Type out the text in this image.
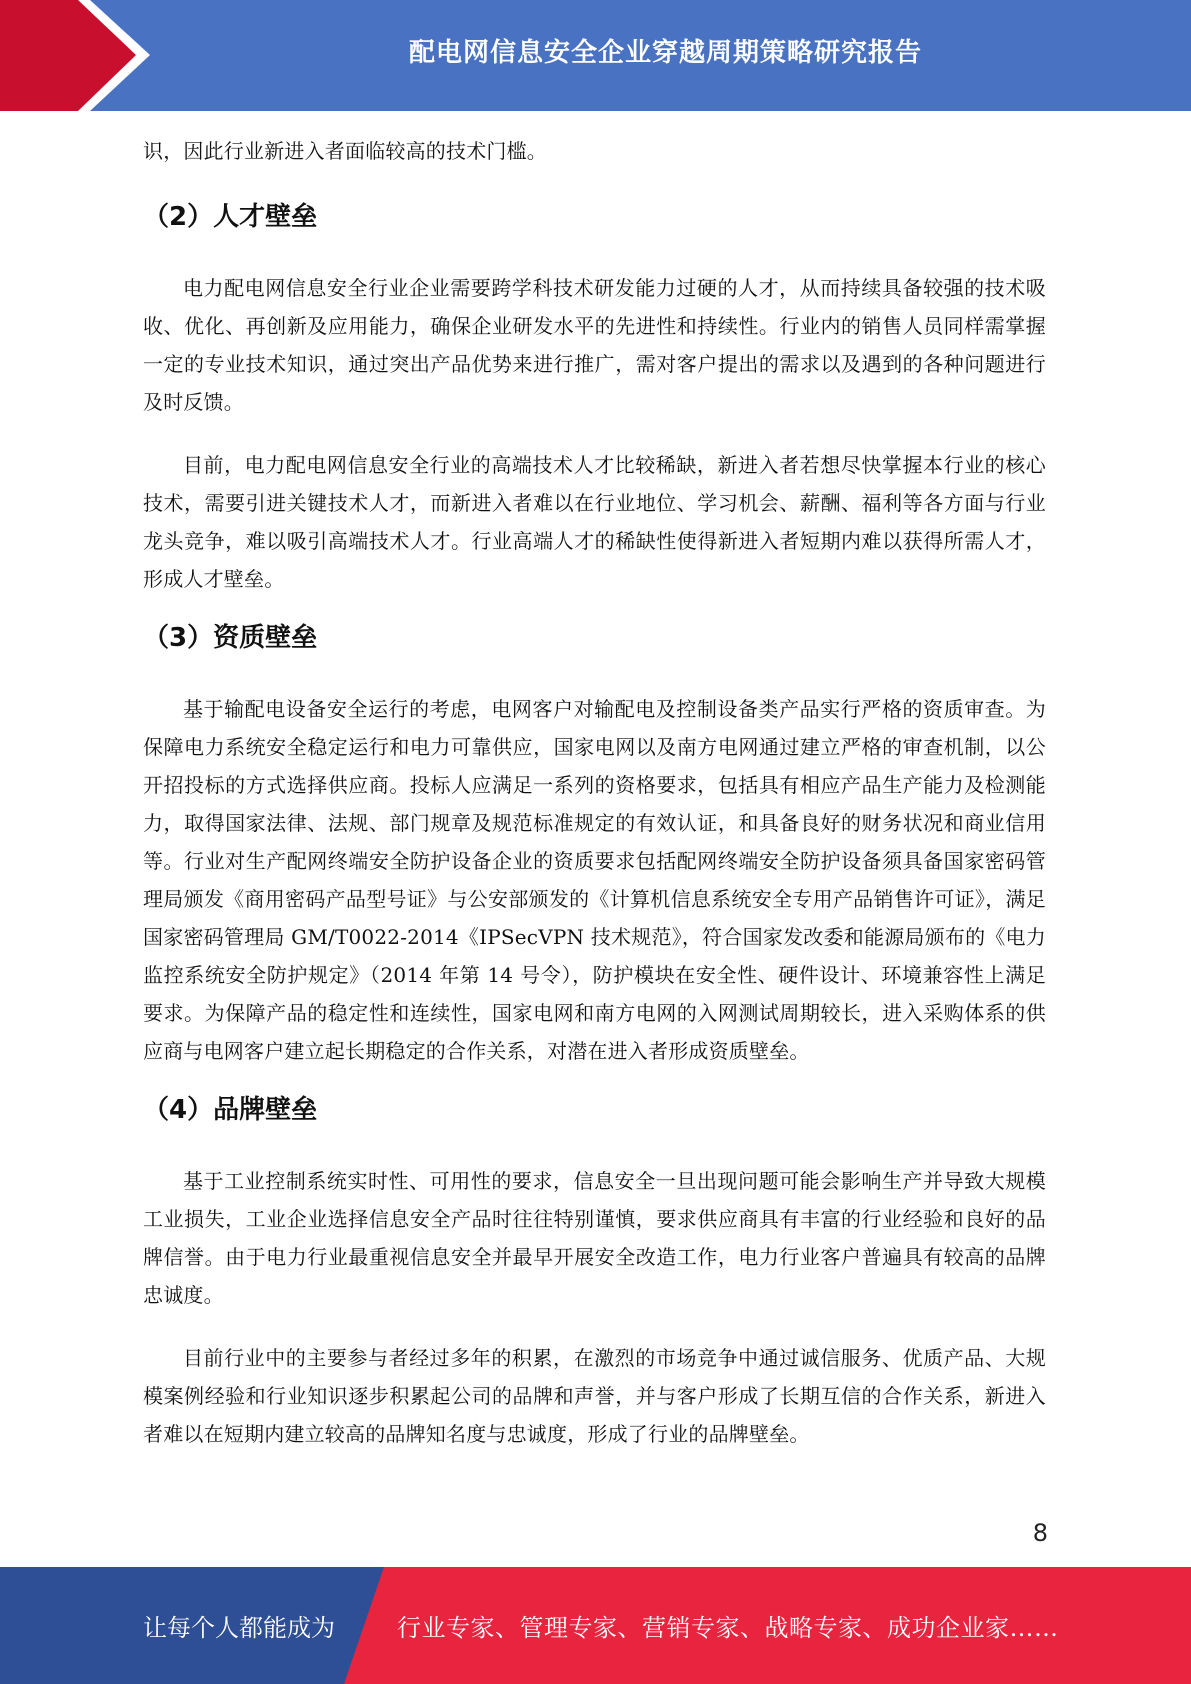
配电网信息安全企业穿越周期策略研究报告

识，因此行业新进入者面临较高的技术门槛。

（2）人才壁垒

电力配电网信息安全行业企业需要跨学科技术研发能力过硬的人才，从而持续具备较强的技术吸收、优化、再创新及应用能力，确保企业研发水平的先进性和持续性。行业内的销售人员同样需掌握一定的专业技术知识，通过突出产品优势来进行推广，需对客户提出的需求以及遇到的各种问题进行及时反馈。

目前，电力配电网信息安全行业的高端技术人才比较稀缺，新进入者若想尽快掌握本行业的核心技术，需要引进关键技术人才，而新进入者难以在行业地位、学习机会、薪酬、福利等各方面与行业龙头竞争，难以吸引高端技术人才。行业高端人才的稀缺性使得新进入者短期内难以获得所需人才，形成人才壁垒。

（3）资质壁垒

基于输配电设备安全运行的考虑，电网客户对输配电及控制设备类产品实行严格的资质审查。为保障电力系统安全稳定运行和电力可靠供应，国家电网以及南方电网通过建立严格的审查机制，以公开招投标的方式选择供应商。投标人应满足一系列的资格要求，包括具有相应产品生产能力及检测能力，取得国家法律、法规、部门规章及规范标准规定的有效认证，和具备良好的财务状况和商业信用等。行业对生产配网终端安全防护设备企业的资质要求包括配网终端安全防护设备须具备国家密码管理局颁发《商用密码产品型号证》与公安部颁发的《计算机信息系统安全专用产品销售许可证》，满足国家密码管理局 GM/T0022-2014《IPSecVPN 技术规范》，符合国家发改委和能源局颁布的《电力监控系统安全防护规定》（2014 年第 14 号令），防护模块在安全性、硬件设计、环境兼容性上满足要求。为保障产品的稳定性和连续性，国家电网和南方电网的入网测试周期较长，进入采购体系的供应商与电网客户建立起长期稳定的合作关系，对潜在进入者形成资质壁垒。

（4）品牌壁垒

基于工业控制系统实时性、可用性的要求，信息安全一旦出现问题可能会影响生产并导致大规模工业损失，工业企业选择信息安全产品时往往特别谨慎，要求供应商具有丰富的行业经验和良好的品牌信誉。由于电力行业最重视信息安全并最早开展安全改造工作，电力行业客户普遍具有较高的品牌忠诚度。

目前行业中的主要参与者经过多年的积累，在激烈的市场竞争中通过诚信服务、优质产品、大规模案例经验和行业知识逐步积累起公司的品牌和声誉，并与客户形成了长期互信的合作关系，新进入者难以在短期内建立较高的品牌知名度与忠诚度，形成了行业的品牌壁垒。

8
让每个人都能成为	行业专家、管理专家、营销专家、战略专家、成功企业家……
